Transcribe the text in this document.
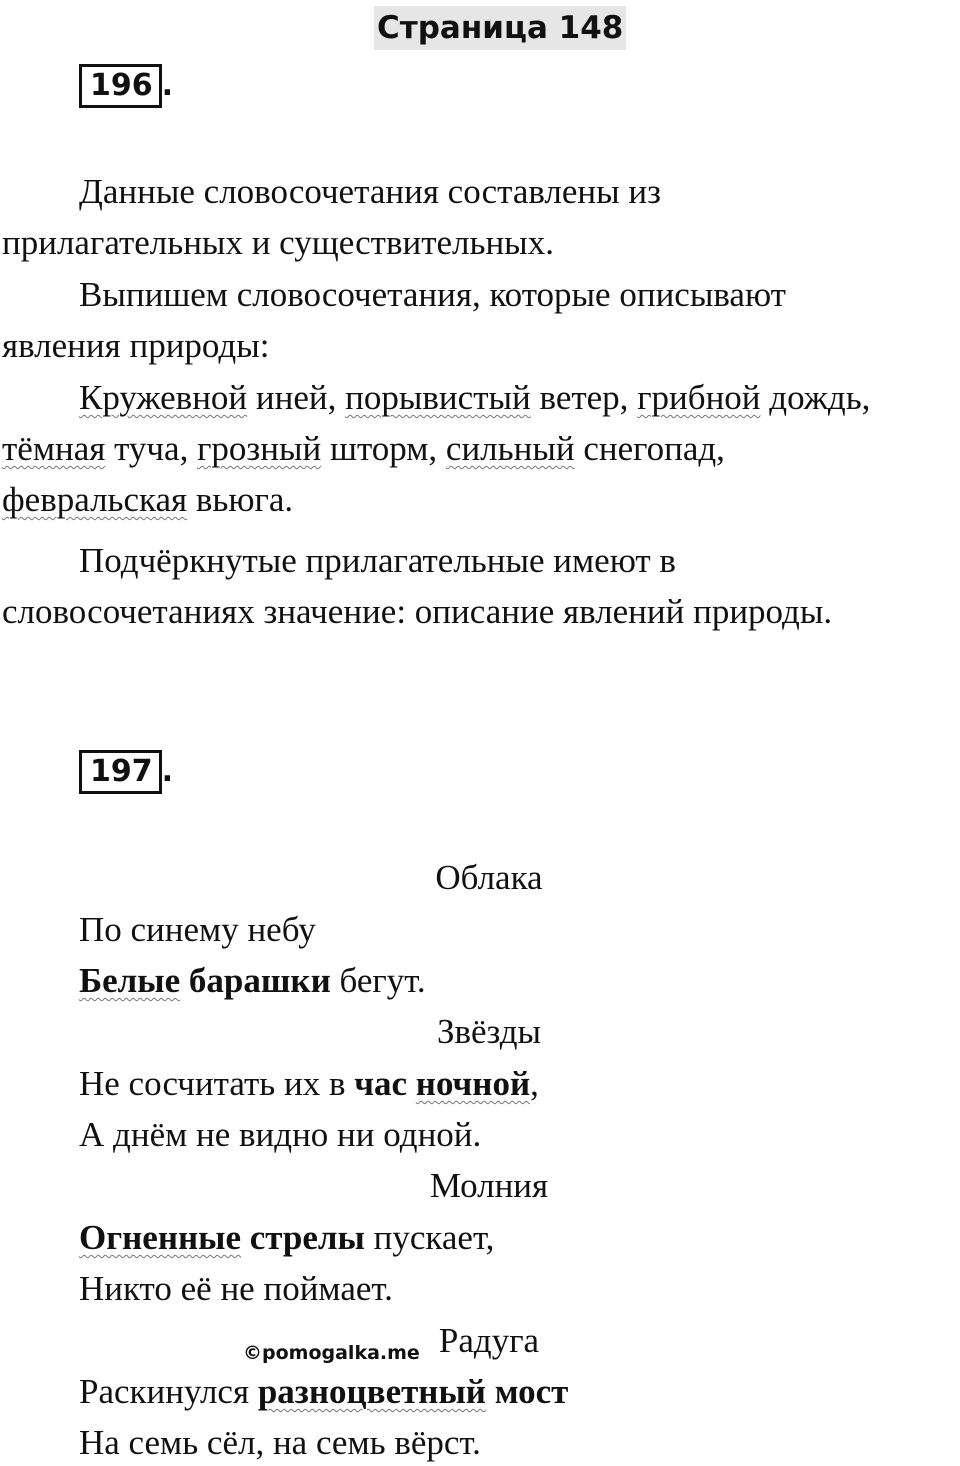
Страница 148
196 .
Данные словосочетания составлены из
прилагательных и существительных.
Выпишем словосочетания, которые описывают
явления природы:
Кружевной иней, порывистый ветер, грибной дождь,
тёмная туча, грозный шторм, сильный снегопад,
февральская вьюга.
Подчёркнутые прилагательные имеют в
словосочетаниях значение: описание явлений природы.
197 .
Облака
По синему небу
Белые барашки бегут.
Звёзды
Не сосчитать их в час ночной,
А днём не видно ни одной.
Молния
Огненные стрелы пускает,
Никто её не поймает.
Радуга
©pomogalka.me
Раскинулся разноцветный мост
На семь сёл, на семь вёрст.
